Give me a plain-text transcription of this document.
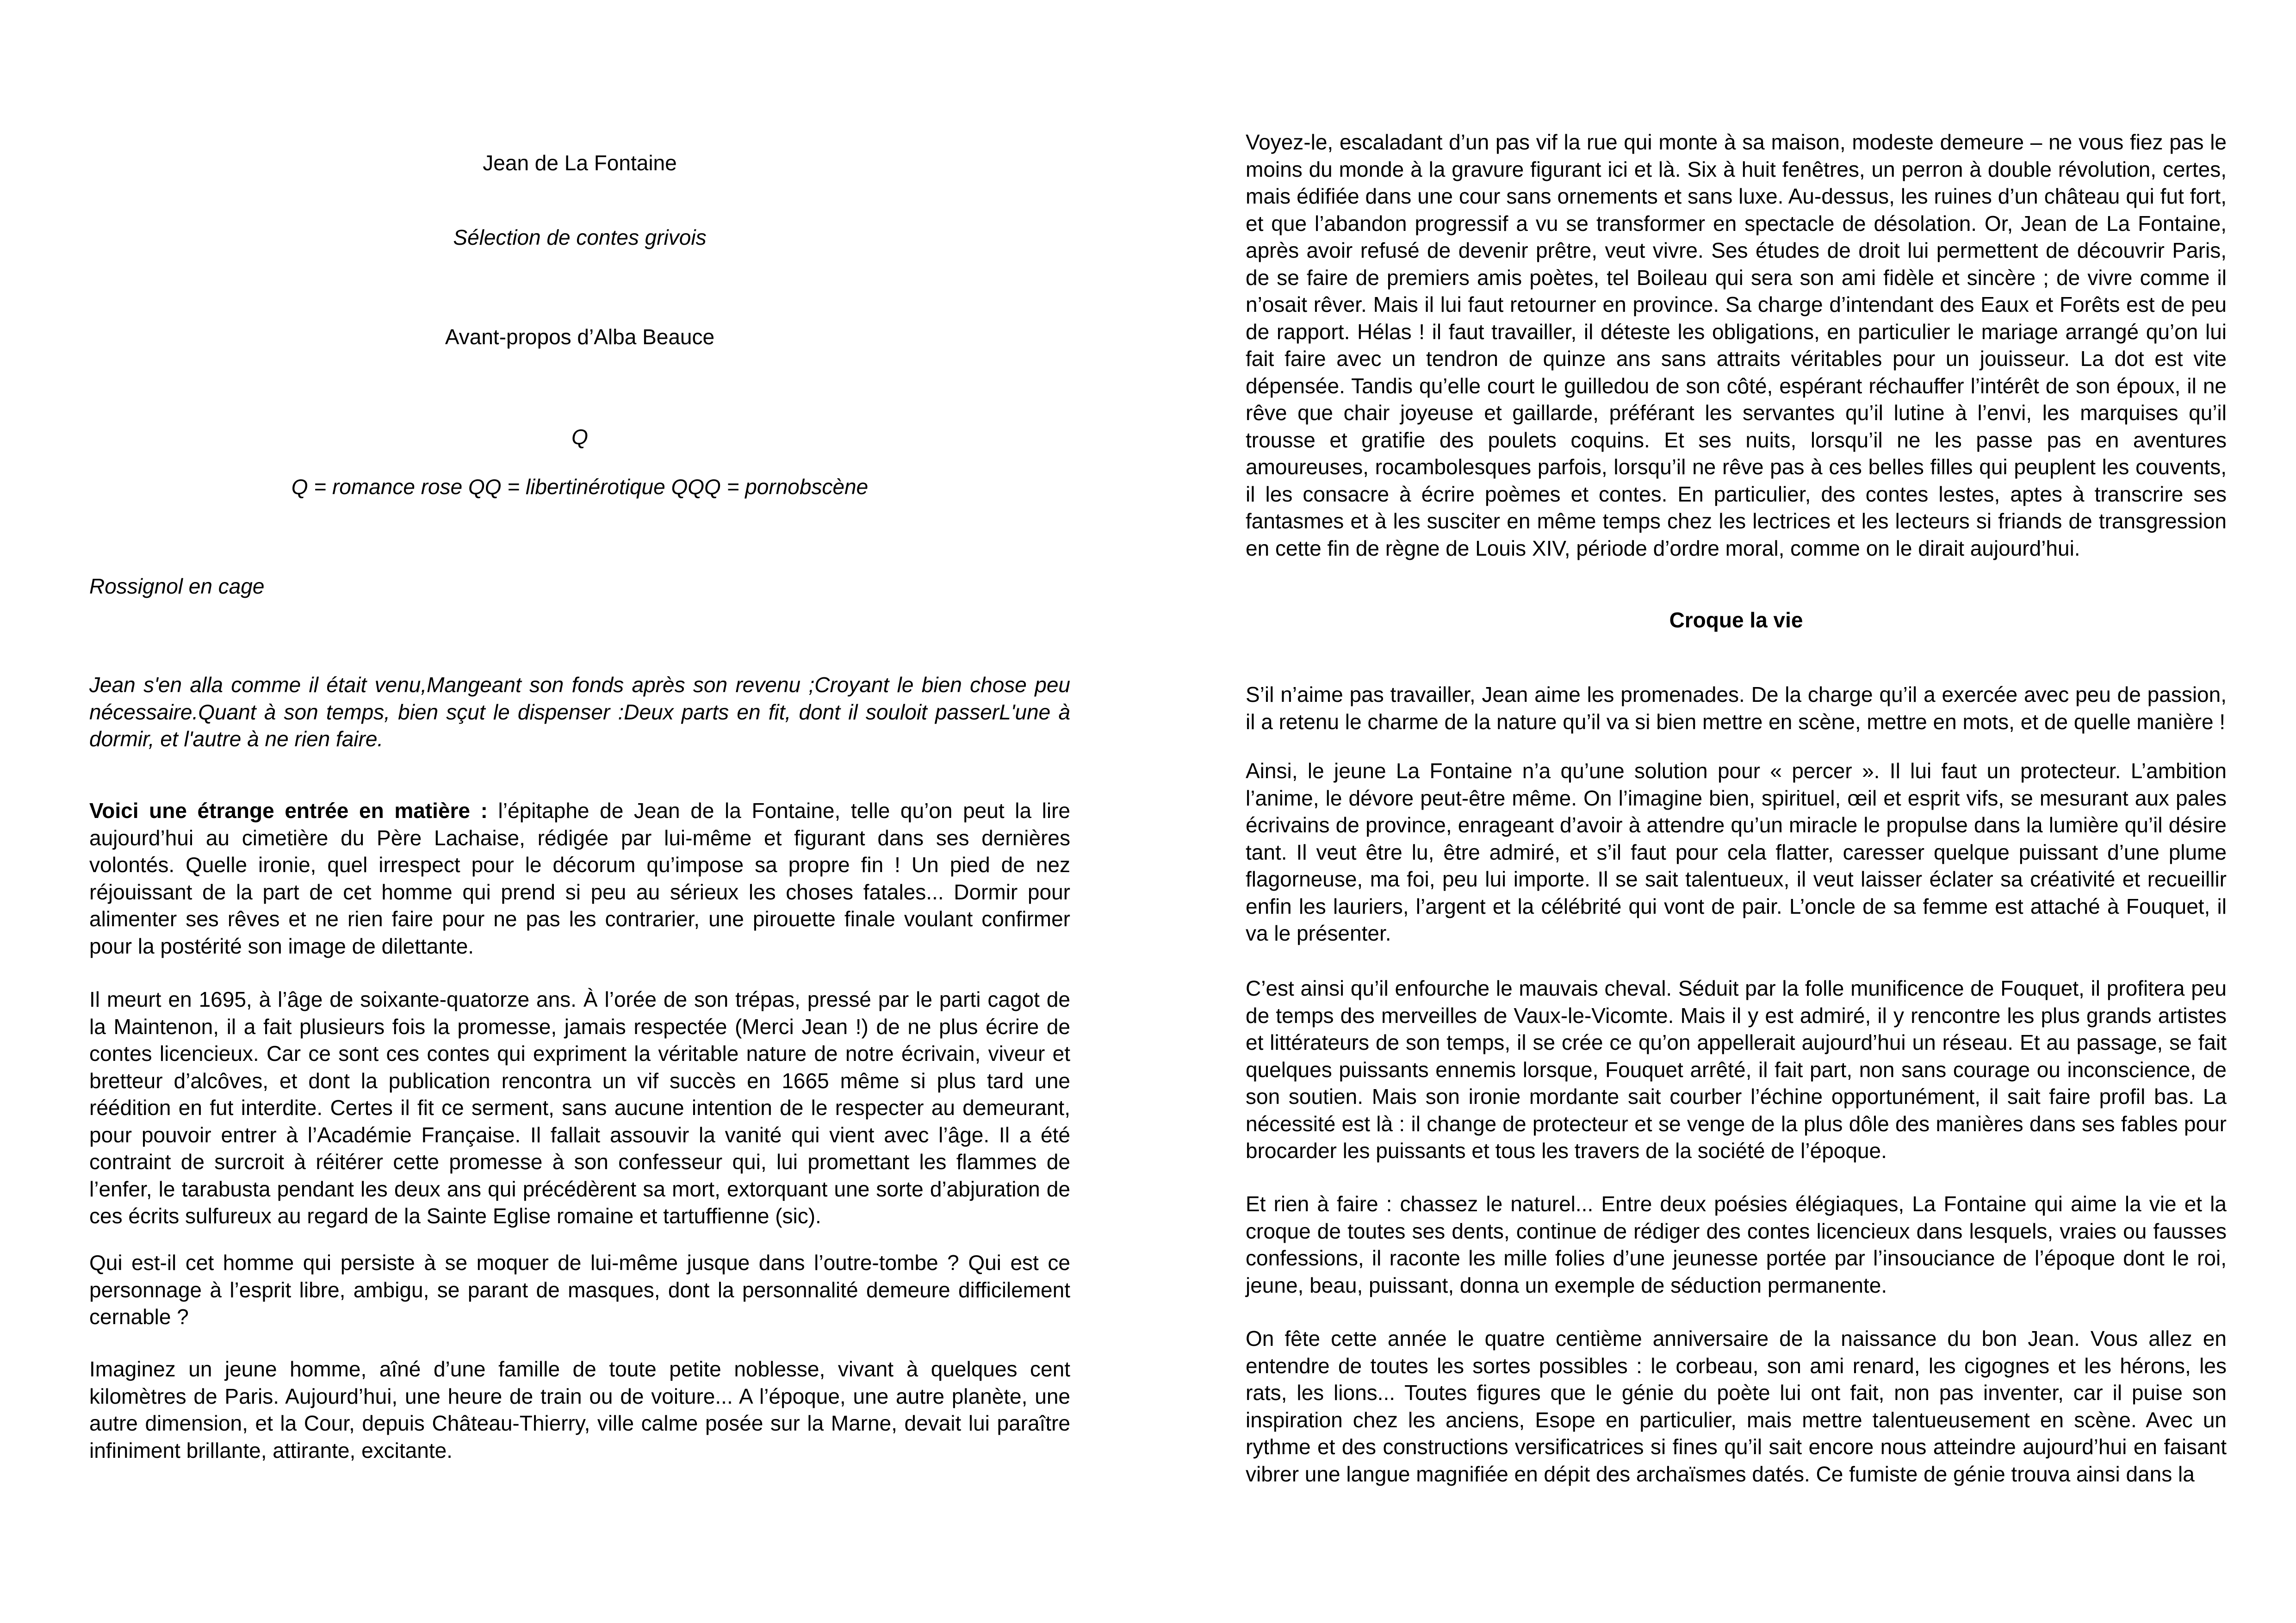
Jean de La Fontaine
Sélection de contes grivois
Avant-propos d’Alba Beauce
Q
Q = romance rose QQ = libertinérotique QQQ = pornobscène
Rossignol en cage
Jean s'en alla comme il était venu,Mangeant son fonds après son revenu ;Croyant le bien chose peu nécessaire.Quant à son temps, bien sçut le dispenser :Deux parts en fit, dont il souloit passerL'une à dormir, et l'autre à ne rien faire.
Voici une étrange entrée en matière : l’épitaphe de Jean de la Fontaine, telle qu’on peut la lire aujourd’hui au cimetière du Père Lachaise, rédigée par lui-même et figurant dans ses dernières volontés. Quelle ironie, quel irrespect pour le décorum qu’impose sa propre fin ! Un pied de nez réjouissant de la part de cet homme qui prend si peu au sérieux les choses fatales... Dormir pour alimenter ses rêves et ne rien faire pour ne pas les contrarier, une pirouette finale voulant confirmer pour la postérité son image de dilettante.
Il meurt en 1695, à l’âge de soixante-quatorze ans. À l’orée de son trépas, pressé par le parti cagot de la Maintenon, il a fait plusieurs fois la promesse, jamais respectée (Merci Jean !) de ne plus écrire de contes licencieux. Car ce sont ces contes qui expriment la véritable nature de notre écrivain, viveur et bretteur d’alcôves, et dont la publication rencontra un vif succès en 1665 même si plus tard une réédition en fut interdite. Certes il fit ce serment, sans aucune intention de le respecter au demeurant, pour pouvoir entrer à l’Académie Française. Il fallait assouvir la vanité qui vient avec l’âge. Il a été contraint de surcroit à réitérer cette promesse à son confesseur qui, lui promettant les flammes de l’enfer, le tarabusta pendant les deux ans qui précédèrent sa mort, extorquant une sorte d’abjuration de ces écrits sulfureux au regard de la Sainte Eglise romaine et tartuffienne (sic).
Qui est-il cet homme qui persiste à se moquer de lui-même jusque dans l’outre-tombe ? Qui est ce personnage à l’esprit libre, ambigu, se parant de masques, dont la personnalité demeure difficilement cernable ?
Imaginez un jeune homme, aîné d’une famille de toute petite noblesse, vivant à quelques cent kilomètres de Paris. Aujourd’hui, une heure de train ou de voiture... A l’époque, une autre planète, une autre dimension, et la Cour, depuis Château-Thierry, ville calme posée sur la Marne, devait lui paraître infiniment brillante, attirante, excitante.
Voyez-le, escaladant d’un pas vif la rue qui monte à sa maison, modeste demeure – ne vous fiez pas le moins du monde à la gravure figurant ici et là. Six à huit fenêtres, un perron à double révolution, certes, mais édifiée dans une cour sans ornements et sans luxe. Au-dessus, les ruines d’un château qui fut fort, et que l’abandon progressif a vu se transformer en spectacle de désolation. Or, Jean de La Fontaine, après avoir refusé de devenir prêtre, veut vivre. Ses études de droit lui permettent de découvrir Paris, de se faire de premiers amis poètes, tel Boileau qui sera son ami fidèle et sincère ; de vivre comme il n’osait rêver. Mais il lui faut retourner en province. Sa charge d’intendant des Eaux et Forêts est de peu de rapport. Hélas ! il faut travailler, il déteste les obligations, en particulier le mariage arrangé qu’on lui fait faire avec un tendron de quinze ans sans attraits véritables pour un jouisseur. La dot est vite dépensée. Tandis qu’elle court le guilledou de son côté, espérant réchauffer l’intérêt de son époux, il ne rêve que chair joyeuse et gaillarde, préférant les servantes qu’il lutine à l’envi, les marquises qu’il trousse et gratifie des poulets coquins. Et ses nuits, lorsqu’il ne les passe pas en aventures amoureuses, rocambolesques parfois, lorsqu’il ne rêve pas à ces belles filles qui peuplent les couvents, il les consacre à écrire poèmes et contes. En particulier, des contes lestes, aptes à transcrire ses fantasmes et à les susciter en même temps chez les lectrices et les lecteurs si friands de transgression en cette fin de règne de Louis XIV, période d’ordre moral, comme on le dirait aujourd’hui.
Croque la vie
S’il n’aime pas travailler, Jean aime les promenades. De la charge qu’il a exercée avec peu de passion, il a retenu le charme de la nature qu’il va si bien mettre en scène, mettre en mots, et de quelle manière !
Ainsi, le jeune La Fontaine n’a qu’une solution pour « percer ». Il lui faut un protecteur. L’ambition l’anime, le dévore peut-être même. On l’imagine bien, spirituel, œil et esprit vifs, se mesurant aux pales écrivains de province, enrageant d’avoir à attendre qu’un miracle le propulse dans la lumière qu’il désire tant. Il veut être lu, être admiré, et s’il faut pour cela flatter, caresser quelque puissant d’une plume flagorneuse, ma foi, peu lui importe. Il se sait talentueux, il veut laisser éclater sa créativité et recueillir enfin les lauriers, l’argent et la célébrité qui vont de pair. L’oncle de sa femme est attaché à Fouquet, il va le présenter.
C’est ainsi qu’il enfourche le mauvais cheval. Séduit par la folle munificence de Fouquet, il profitera peu de temps des merveilles de Vaux-le-Vicomte. Mais il y est admiré, il y rencontre les plus grands artistes et littérateurs de son temps, il se crée ce qu’on appellerait aujourd’hui un réseau. Et au passage, se fait quelques puissants ennemis lorsque, Fouquet arrêté, il fait part, non sans courage ou inconscience, de son soutien. Mais son ironie mordante sait courber l’échine opportunément, il sait faire profil bas. La nécessité est là : il change de protecteur et se venge de la plus dôle des manières dans ses fables pour brocarder les puissants et tous les travers de la société de l’époque.
Et rien à faire : chassez le naturel... Entre deux poésies élégiaques, La Fontaine qui aime la vie et la croque de toutes ses dents, continue de rédiger des contes licencieux dans lesquels, vraies ou fausses confessions, il raconte les mille folies d’une jeunesse portée par l’insouciance de l’époque dont le roi, jeune, beau, puissant, donna un exemple de séduction permanente.
On fête cette année le quatre centième anniversaire de la naissance du bon Jean. Vous allez en entendre de toutes les sortes possibles : le corbeau, son ami renard, les cigognes et les hérons, les rats, les lions... Toutes figures que le génie du poète lui ont fait, non pas inventer, car il puise son inspiration chez les anciens, Esope en particulier, mais mettre talentueusement en scène. Avec un rythme et des constructions versificatrices si fines qu’il sait encore nous atteindre aujourd’hui en faisant vibrer une langue magnifiée en dépit des archaïsmes datés. Ce fumiste de génie trouva ainsi dans la
